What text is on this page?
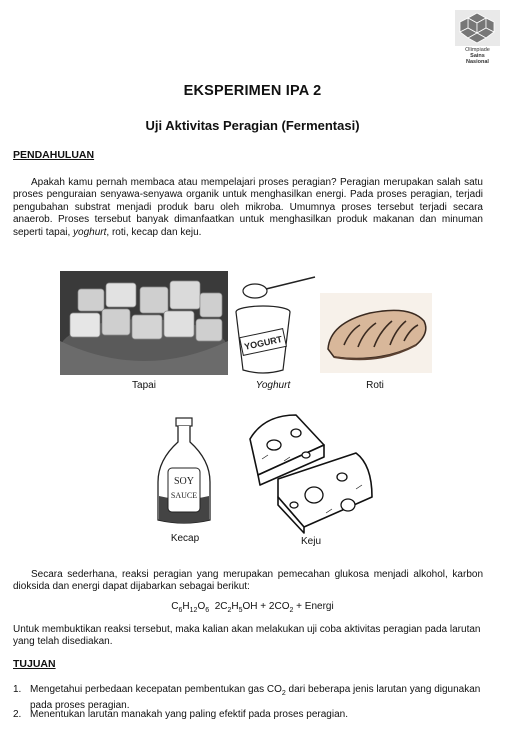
Olimpiade
Sains
Nasional
EKSPERIMEN IPA 2
Uji Aktivitas Peragian (Fermentasi)
PENDAHULUAN
Apakah kamu pernah membaca atau mempelajari proses peragian? Peragian merupakan salah satu proses penguraian senyawa-senyawa organik untuk menghasilkan energi. Pada proses peragian, terjadi pengubahan substrat menjadi produk baru oleh mikroba. Umumnya proses tersebut terjadi secara anaerob. Proses tersebut banyak dimanfaatkan untuk menghasilkan produk makanan dan minuman seperti tapai, yoghurt, roti, kecap dan keju.
Tapai
YOGURT
Yoghurt	Roti
SOY
SAUCE
Kecap	Keju
Secara sederhana, reaksi peragian yang merupakan pemecahan glukosa menjadi alkohol, karbon dioksida dan energi dapat dijabarkan sebagai berikut:
$C_6H_{12}O_6$  $2C_2H_5OH + 2CO_2$ + Energi
Untuk membuktikan reaksi tersebut, maka kalian akan melakukan uji coba aktivitas peragian pada larutan yang telah disediakan.
TUJUAN
1. Mengetahui perbedaan kecepatan pembentukan gas $CO_2$ dari beberapa jenis larutan yang digunakan pada proses peragian.
2. Menentukan larutan manakah yang paling efektif pada proses peragian.
